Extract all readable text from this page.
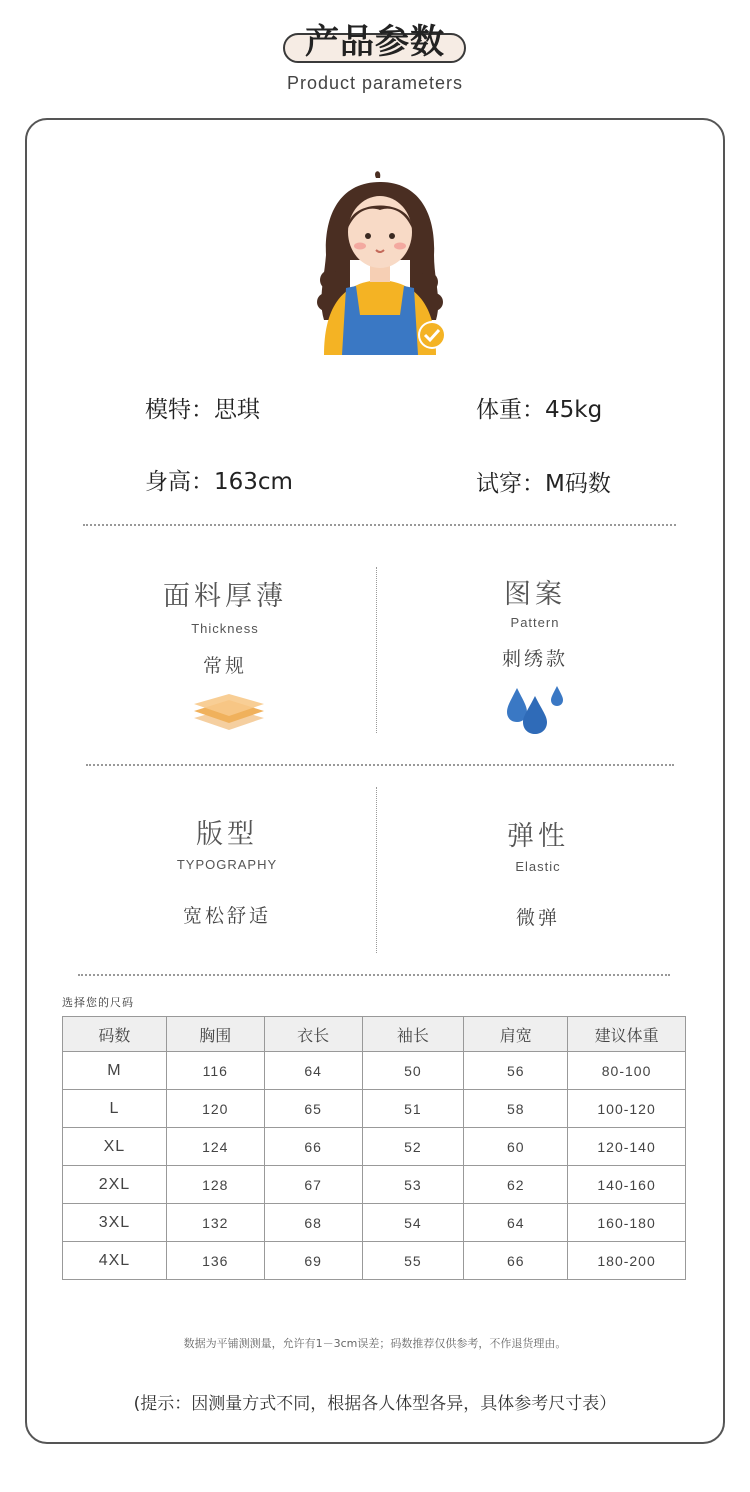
产品参数
Product parameters
模特：思琪	体重：45kg
身高：163cm	试穿：M码数
面料厚薄
Thickness
常规
图案
Pattern
刺绣款
版型
TYPOGRAPHY
宽松舒适
弹性
Elastic
微弹
选择您的尺码
码数	胸围	衣长	袖长	肩宽	建议体重
M	116	64	50	56	80-100
L	120	65	51	58	100-120
XL	124	66	52	60	120-140
2XL	128	67	53	62	140-160
3XL	132	68	54	64	160-180
4XL	136	69	55	66	180-200
数据为平铺测测量，允许有1－3cm误差；码数推荐仅供参考，不作退货理由。
(提示：因测量方式不同，根据各人体型各异，具体参考尺寸表）
